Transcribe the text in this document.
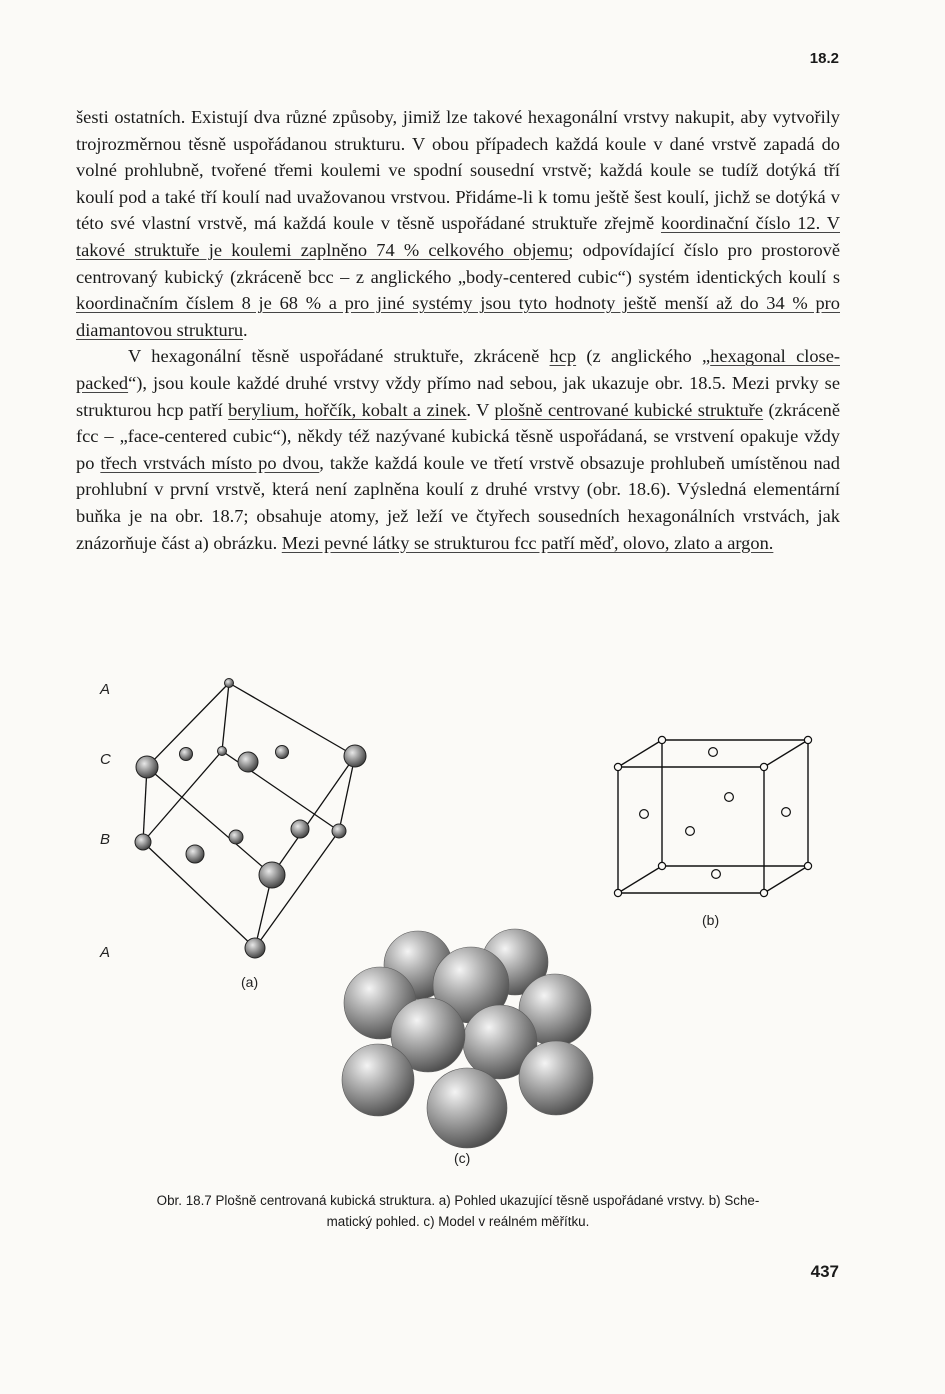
18.2

šesti ostatních. Existují dva různé způsoby, jimiž lze takové hexagonální vrstvy nakupit, aby vytvořily trojrozměrnou těsně uspořádanou strukturu. V obou případech každá koule v dané vrstvě zapadá do volné prohlubně, tvořené třemi koulemi ve spodní sousední vrstvě; každá koule se tudíž dotýká tří koulí pod a také tří koulí nad uvažovanou vrstvou. Přidáme-li k tomu ještě šest koulí, jichž se dotýká v této své vlastní vrstvě, má každá koule v těsně uspořádané struktuře zřejmě koordinační číslo 12. V takové struktuře je koulemi zaplněno 74 % celkového objemu; odpovídající číslo pro prostorově centrovaný kubický (zkráceně bcc – z anglického „body-centered cubic“) systém identických koulí s koordinačním číslem 8 je 68 % a pro jiné systémy jsou tyto hodnoty ještě menší až do 34 % pro diamantovou strukturu.

V hexagonální těsně uspořádané struktuře, zkráceně hcp (z anglického „hexagonal close-packed“), jsou koule každé druhé vrstvy vždy přímo nad sebou, jak ukazuje obr. 18.5. Mezi prvky se strukturou hcp patří berylium, hořčík, kobalt a zinek. V plošně centrované kubické struktuře (zkráceně fcc – „face-centered cubic“), někdy též nazývané kubická těsně uspořádaná, se vrstvení opakuje vždy po třech vrstvách místo po dvou, takže každá koule ve třetí vrstvě obsazuje prohlubeň umístěnou nad prohlubní v první vrstvě, která není zaplněna koulí z druhé vrstvy (obr. 18.6). Výsledná elementární buňka je na obr. 18.7; obsahuje atomy, jež leží ve čtyřech sousedních hexagonálních vrstvách, jak znázorňuje část a) obrázku. Mezi pevné látky se strukturou fcc patří měď, olovo, zlato a argon.

A
C
B
A
(a)
(b)
(c)
Obr. 18.7 Plošně centrovaná kubická struktura. a) Pohled ukazující těsně uspořádané vrstvy. b) Sche-
matický pohled. c) Model v reálném měřítku.
437
